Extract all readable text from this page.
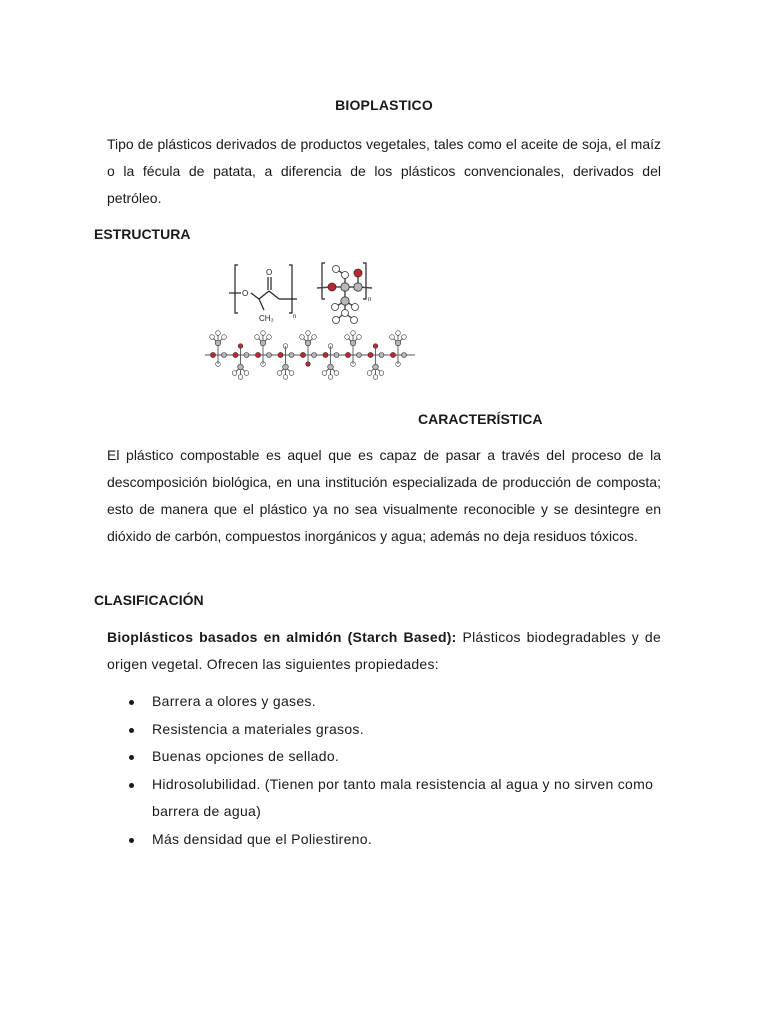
BIOPLASTICO
Tipo de plásticos derivados de productos vegetales, tales como el aceite de soja, el maíz o la fécula de patata, a diferencia de los plásticos convencionales, derivados del petróleo.
ESTRUCTURA
O
O
CH₃	n
n
CARACTERÍSTICA
El plástico compostable es aquel que es capaz de pasar a través del proceso de la descomposición biológica, en una institución especializada de producción de composta; esto de manera que el plástico ya no sea visualmente reconocible y se desintegre en dióxido de carbón, compuestos inorgánicos y agua; además no deja residuos tóxicos.
CLASIFICACIÓN
Bioplásticos basados en almidón (Starch Based): Plásticos biodegradables y de origen vegetal. Ofrecen las siguientes propiedades:
Barrera a olores y gases.
Resistencia a materiales grasos.
Buenas opciones de sellado.
Hidrosolubilidad. (Tienen por tanto mala resistencia al agua y no sirven como barrera de agua)
Más densidad que el Poliestireno.
